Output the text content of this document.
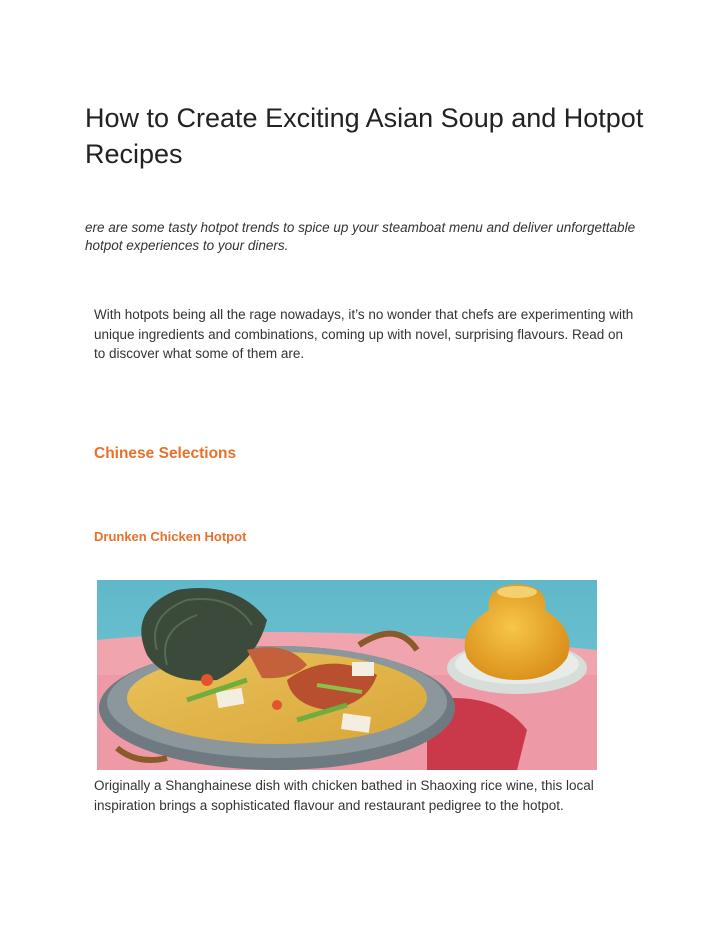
How to Create Exciting Asian Soup and Hotpot Recipes

ere are some tasty hotpot trends to spice up your steamboat menu and deliver unforgettable hotpot experiences to your diners.

With hotpots being all the rage nowadays, it’s no wonder that chefs are experimenting with unique ingredients and combinations, coming up with novel, surprising flavours. Read on to discover what some of them are.

Chinese Selections
Drunken Chicken Hotpot

Originally a Shanghainese dish with chicken bathed in Shaoxing rice wine, this local inspiration brings a sophisticated flavour and restaurant pedigree to the hotpot.
